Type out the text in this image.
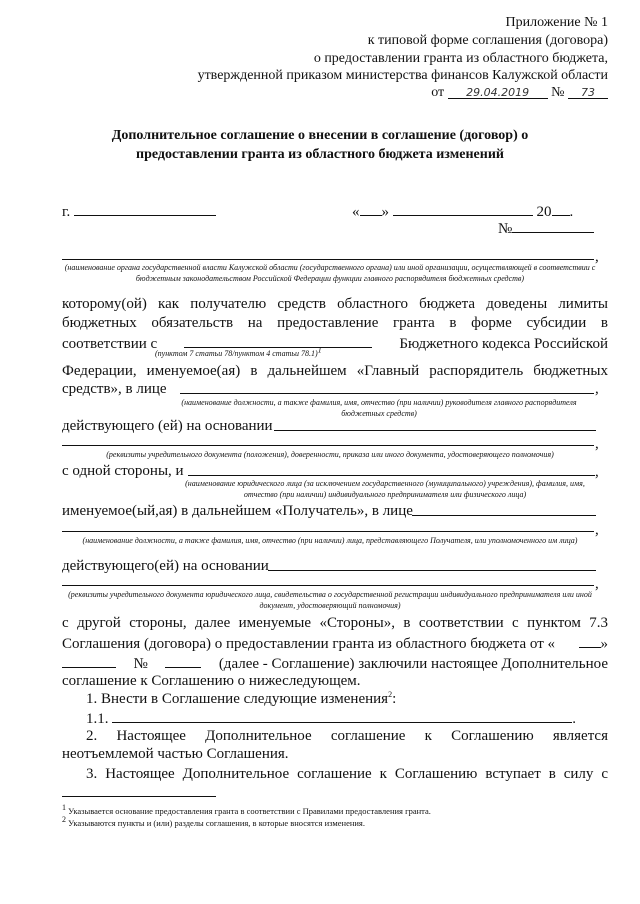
Приложение № 1
к типовой форме соглашения (договора)
о предоставлении гранта из областного бюджета,
утвержденной приказом министерства финансов Калужской области
от 29.04.2019 № 73
Дополнительное соглашение о внесении в соглашение (договор) о
предоставлении гранта из областного бюджета изменений
г.	« »	20 .
№
,
(наименование органа государственной власти Калужской области (государственного органа) или иной организации, осуществляющей в соответствии с бюджетным законодательством Российской Федерации функции главного распорядителя бюджетных средств)
которому(ой) как получателю средств областного бюджета доведены лимиты
бюджетных обязательств на предоставление гранта в форме субсидии в
соответствии с	Бюджетного кодекса Российской
(пунктом 7 статьи 78/пунктом 4 статьи 78.1)$^1$
Федерации, именуемое(ая) в дальнейшем «Главный распорядитель бюджетных
средств», в лице	,
(наименование должности, а также фамилия, имя, отчество (при наличии) руководителя главного распорядителя бюджетных средств)
действующего (ей) на основании
,
(реквизиты учредительного документа (положения), доверенности, приказа или иного документа, удостоверяющего полномочия)
с одной стороны, и	,
(наименование юридического лица (за исключением государственного (муниципального) учреждения), фамилия, имя, отчество (при наличии) индивидуального предпринимателя или физического лица)
именуемое(ый,ая) в дальнейшем «Получатель», в лице
,
(наименование должности, а также фамилия, имя, отчество (при наличии) лица, представляющего Получателя, или уполномоченного им лица)
действующего(ей) на основании
,
(реквизиты учредительного документа юридического лица, свидетельства о государственной регистрации индивидуального предпринимателя или иной документ, удостоверяющий полномочия)
с другой стороны, далее именуемые «Стороны», в соответствии с пунктом 7.3
Соглашения (договора) о предоставлении гранта из областного бюджета от «	»
№	(далее - Соглашение) заключили настоящее Дополнительное
соглашение к Соглашению о нижеследующем.
1. Внести в Соглашение следующие изменения$^2$:
1.1.	.
2. Настоящее Дополнительное соглашение к Соглашению является
неотъемлемой частью Соглашения.
3. Настоящее Дополнительное соглашение к Соглашению вступает в силу с
$^1$ Указывается основание предоставления гранта в соответствии с Правилами предоставления гранта.
$^2$ Указываются пункты и (или) разделы соглашения, в которые вносятся изменения.
